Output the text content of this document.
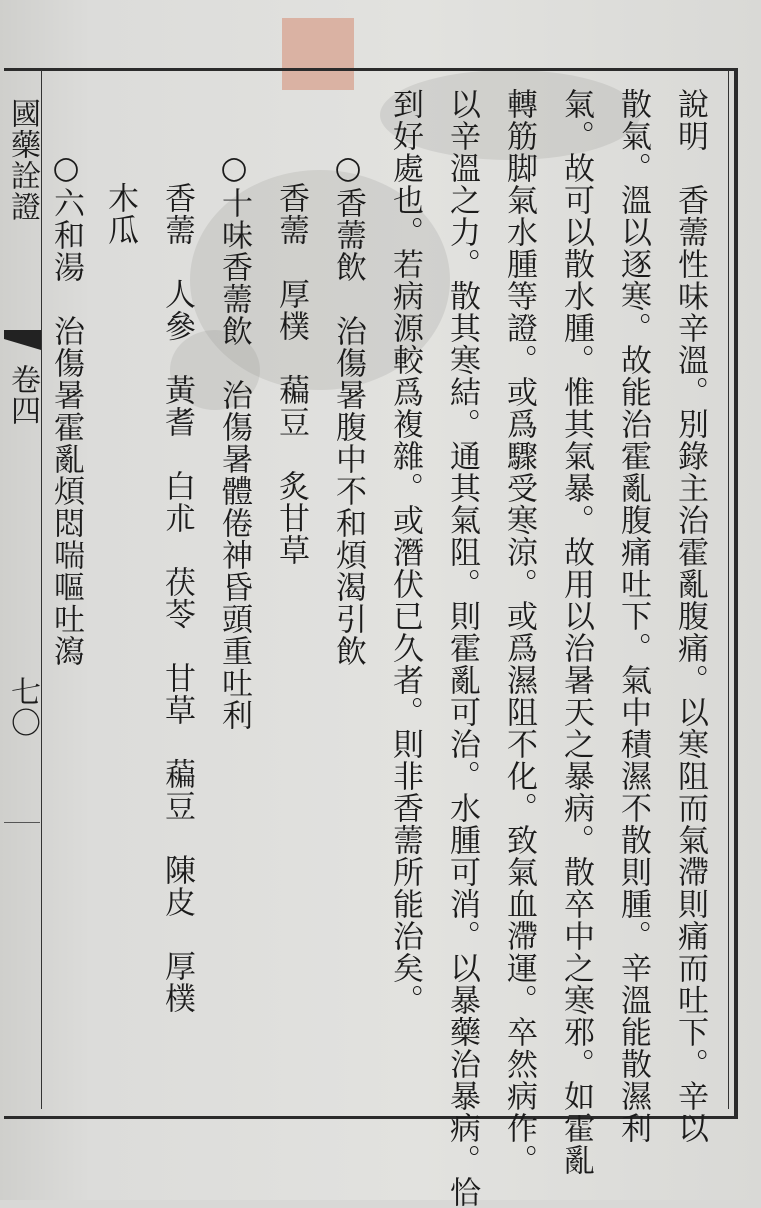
國藥詮證
卷四
七〇	說明　香薷性味辛溫。別錄主治霍亂腹痛。以寒阻而氣滯則痛而吐下。辛以
散氣。溫以逐寒。故能治霍亂腹痛吐下。氣中積濕不散則腫。辛溫能散濕利
氣。故可以散水腫。惟其氣暴。故用以治暑天之暴病。散卒中之寒邪。如霍亂
轉筋脚氣水腫等證。或爲驟受寒涼。或爲濕阻不化。致氣血滯運。卒然病作。
以辛溫之力。散其寒結。通其氣阻。則霍亂可治。水腫可消。以暴藥治暴病。恰
到好處也。若病源較爲複雜。或潛伏已久者。則非香薷所能治矣。
○香薷飲　治傷暑腹中不和煩渴引飲
香薷　厚樸　藊豆　炙甘草
○十味香薷飲　治傷暑體倦神昏頭重吐利
香薷　人參　黃耆　白朮　茯苓　甘草　藊豆　陳皮　厚樸
木瓜
○六和湯　治傷暑霍亂煩悶喘嘔吐瀉
